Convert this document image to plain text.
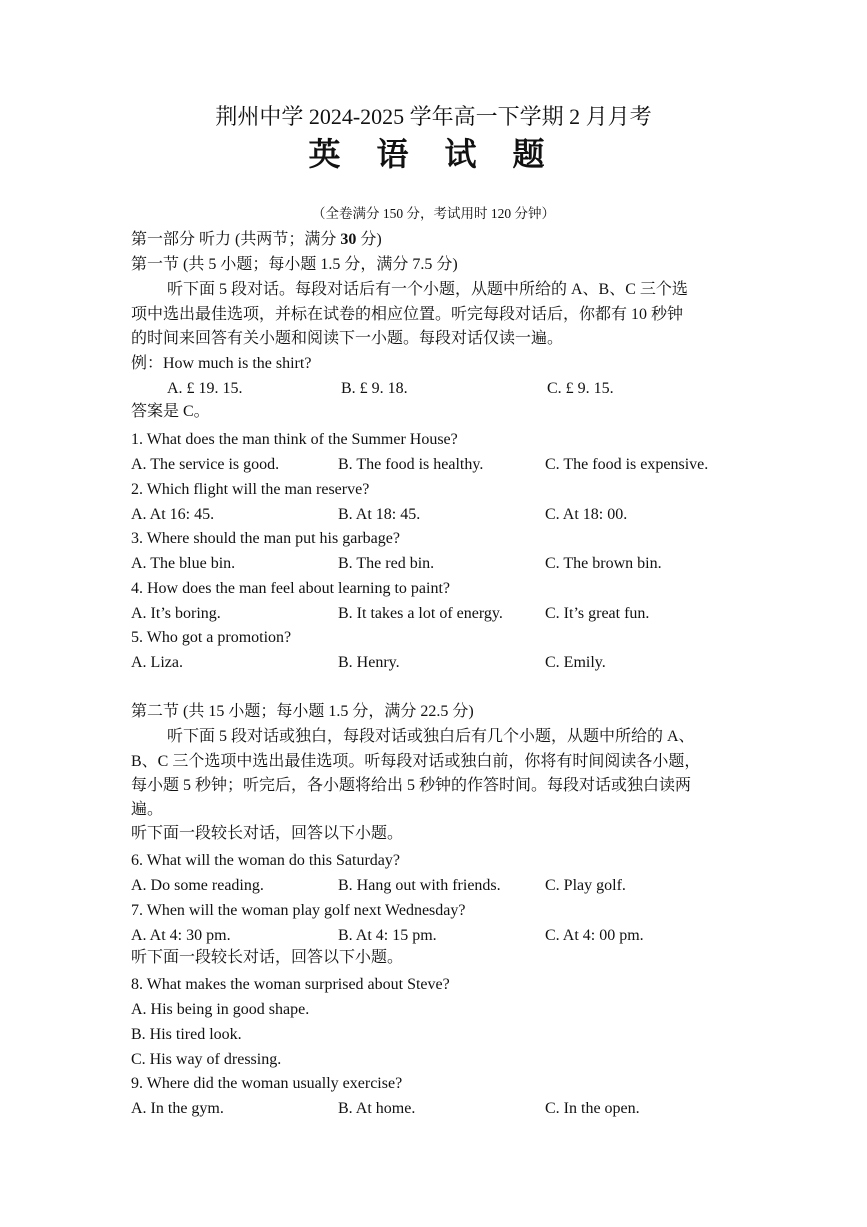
荆州中学 2024-2025 学年高一下学期 2 月月考
英 语 试 题
（全卷满分 150 分，考试用时 120 分钟）
第一部分 听力 (共两节；满分 30 分)
第一节 (共 5 小题；每小题 1.5 分，满分 7.5 分)
听下面 5 段对话。每段对话后有一个小题，从题中所给的 A、B、C 三个选
项中选出最佳选项，并标在试卷的相应位置。听完每段对话后，你都有 10 秒钟
的时间来回答有关小题和阅读下一小题。每段对话仅读一遍。
例：How much is the shirt?
A. £ 19. 15.	B. £ 9. 18.	C. £ 9. 15.
答案是 C。
1. What does the man think of the Summer House?
A. The service is good.	B. The food is healthy.	C. The food is expensive.
2. Which flight will the man reserve?
A. At 16: 45.	B. At 18: 45.	C. At 18: 00.
3. Where should the man put his garbage?
A. The blue bin.	B. The red bin.	C. The brown bin.
4. How does the man feel about learning to paint?
A. It’s boring.	B. It takes a lot of energy.	C. It’s great fun.
5. Who got a promotion?
A. Liza.	B. Henry.	C. Emily.
第二节 (共 15 小题；每小题 1.5 分，满分 22.5 分)
听下面 5 段对话或独白，每段对话或独白后有几个小题，从题中所给的 A、
B、C 三个选项中选出最佳选项。听每段对话或独白前，你将有时间阅读各小题，
每小题 5 秒钟；听完后，各小题将给出 5 秒钟的作答时间。每段对话或独白读两
遍。
听下面一段较长对话，回答以下小题。
6. What will the woman do this Saturday?
A. Do some reading.	B. Hang out with friends.	C. Play golf.
7. When will the woman play golf next Wednesday?
A. At 4: 30 pm.	B. At 4: 15 pm.	C. At 4: 00 pm.
听下面一段较长对话，回答以下小题。
8. What makes the woman surprised about Steve?
A. His being in good shape.
B. His tired look.
C. His way of dressing.
9. Where did the woman usually exercise?
A. In the gym.	B. At home.	C. In the open.
